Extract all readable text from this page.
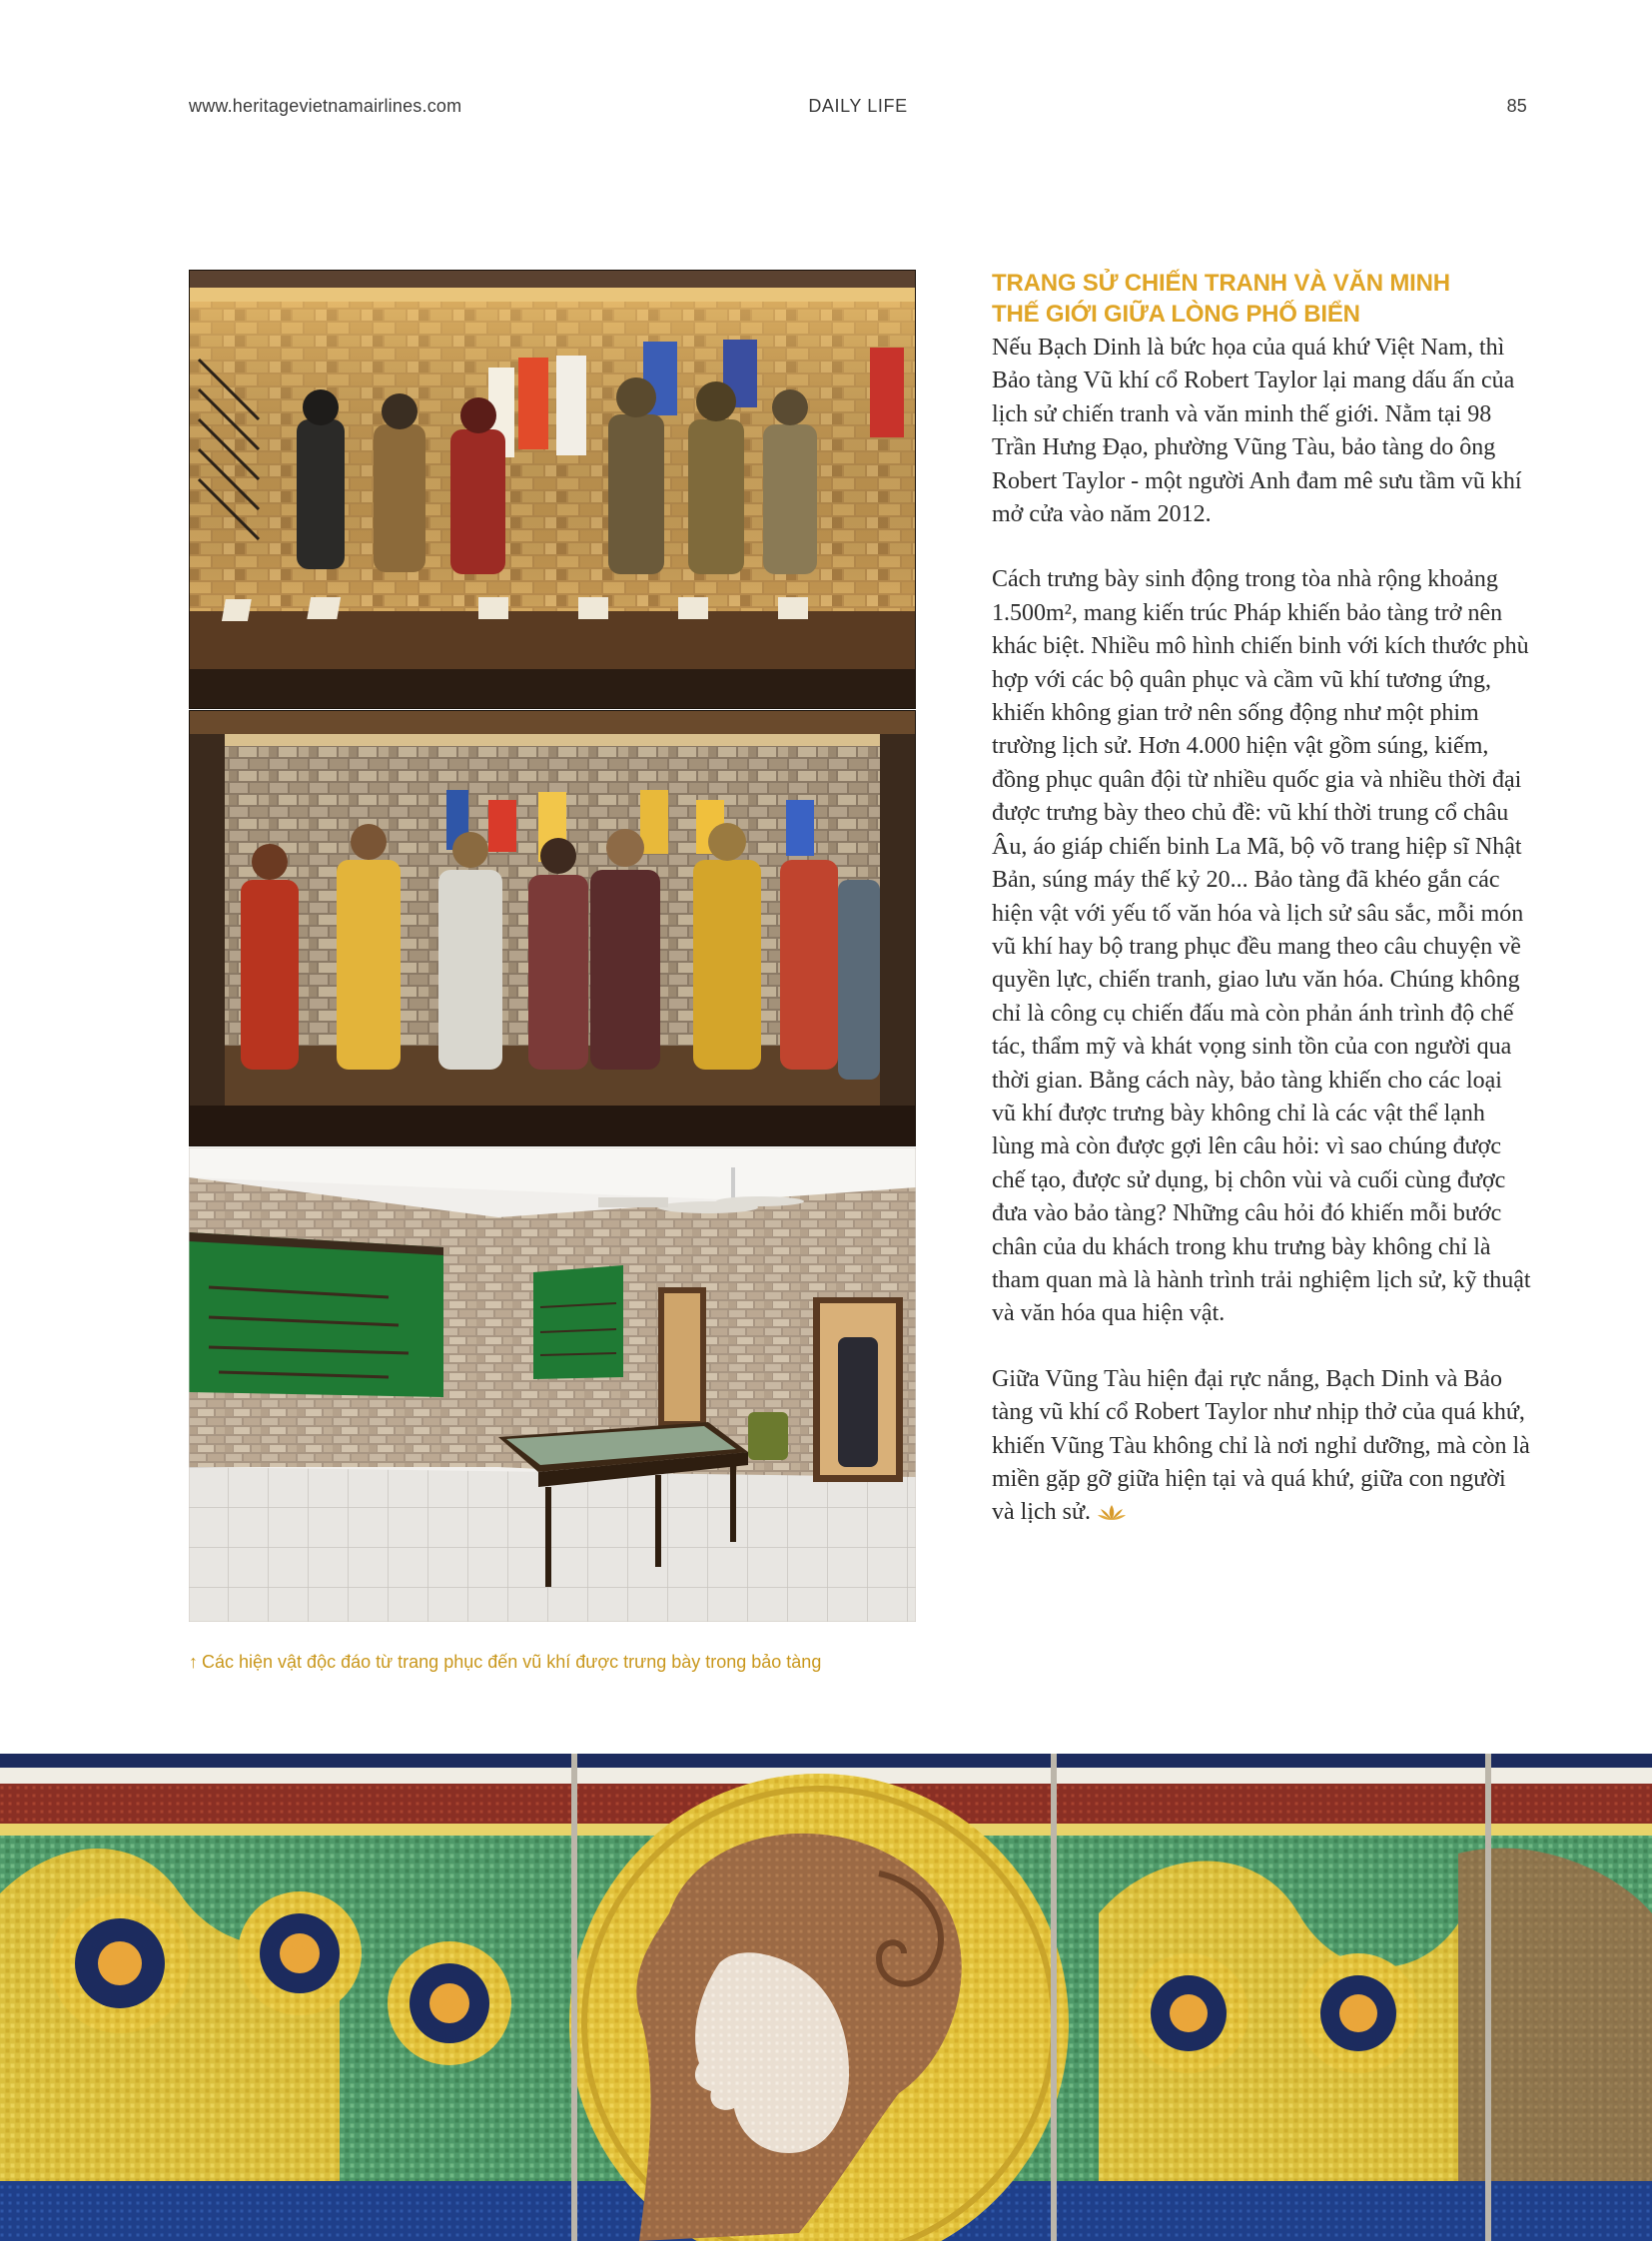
www.heritagevietnamairlines.com	DAILY LIFE	85
↑ Các hiện vật độc đáo từ trang phục đến vũ khí được trưng bày trong bảo tàng
TRANG SỬ CHIẾN TRANH VÀ VĂN MINH
THẾ GIỚI GIỮA LÒNG PHỐ BIỂN

Nếu Bạch Dinh là bức họa của quá khứ Việt Nam, thì Bảo tàng Vũ khí cổ Robert Taylor lại mang dấu ấn của lịch sử chiến tranh và văn minh thế giới. Nằm tại 98 Trần Hưng Đạo, phường Vũng Tàu, bảo tàng do ông Robert Taylor - một người Anh đam mê sưu tầm vũ khí mở cửa vào năm 2012.

Cách trưng bày sinh động trong tòa nhà rộng khoảng 1.500m², mang kiến trúc Pháp khiến bảo tàng trở nên khác biệt. Nhiều mô hình chiến binh với kích thước phù hợp với các bộ quân phục và cầm vũ khí tương ứng, khiến không gian trở nên sống động như một phim trường lịch sử. Hơn 4.000 hiện vật gồm súng, kiếm, đồng phục quân đội từ nhiều quốc gia và nhiều thời đại được trưng bày theo chủ đề: vũ khí thời trung cổ châu Âu, áo giáp chiến binh La Mã, bộ võ trang hiệp sĩ Nhật Bản, súng máy thế kỷ 20... Bảo tàng đã khéo gắn các hiện vật với yếu tố văn hóa và lịch sử sâu sắc, mỗi món vũ khí hay bộ trang phục đều mang theo câu chuyện về quyền lực, chiến tranh, giao lưu văn hóa. Chúng không chỉ là công cụ chiến đấu mà còn phản ánh trình độ chế tác, thẩm mỹ và khát vọng sinh tồn của con người qua thời gian. Bằng cách này, bảo tàng khiến cho các loại vũ khí được trưng bày không chỉ là các vật thể lạnh lùng mà còn được gợi lên câu hỏi: vì sao chúng được chế tạo, được sử dụng, bị chôn vùi và cuối cùng được đưa vào bảo tàng? Những câu hỏi đó khiến mỗi bước chân của du khách trong khu trưng bày không chỉ là tham quan mà là hành trình trải nghiệm lịch sử, kỹ thuật và văn hóa qua hiện vật.

Giữa Vũng Tàu hiện đại rực nắng, Bạch Dinh và Bảo tàng vũ khí cổ Robert Taylor như nhịp thở của quá khứ, khiến Vũng Tàu không chỉ là nơi nghỉ dưỡng, mà còn là miền gặp gỡ giữa hiện tại và quá khứ, giữa con người và lịch sử.
